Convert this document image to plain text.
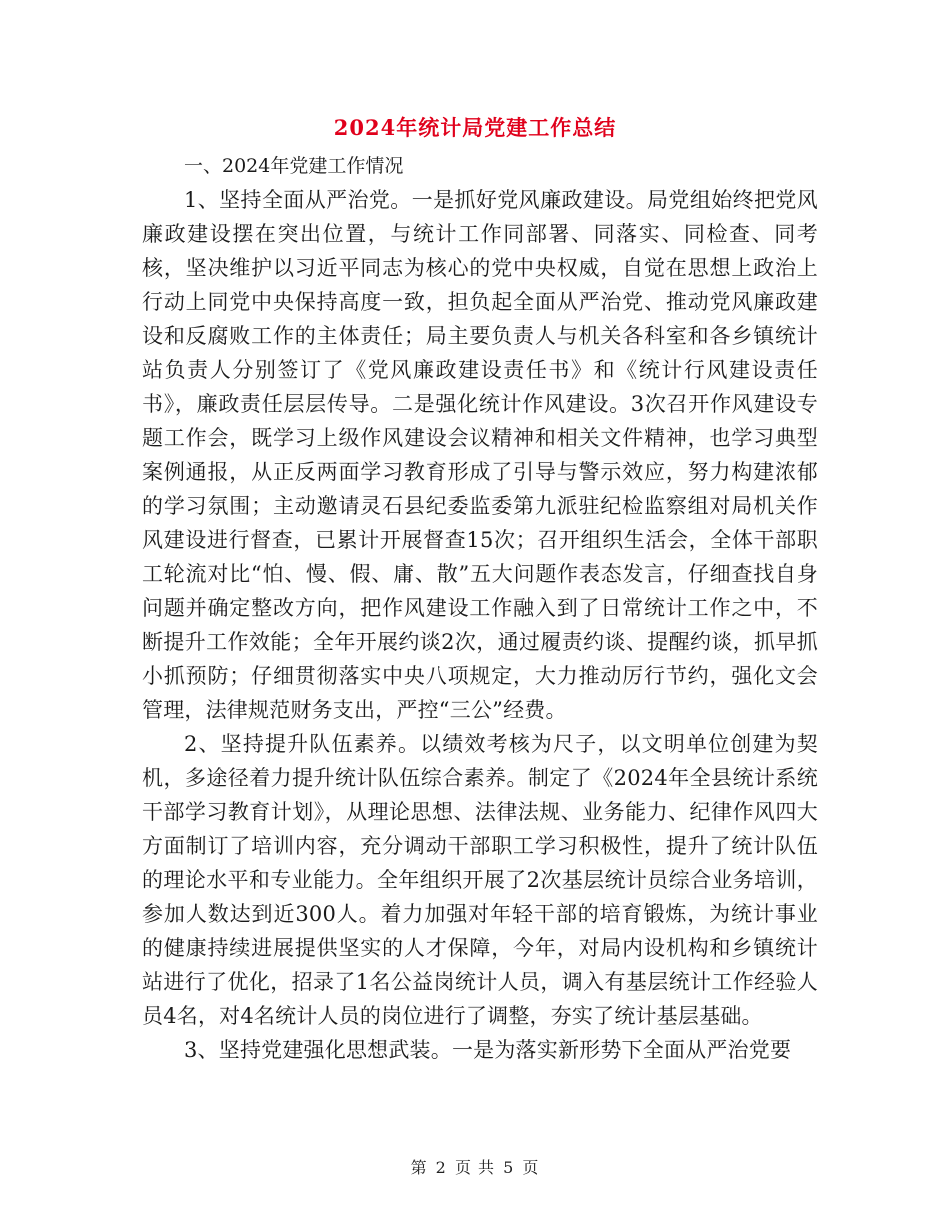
2024年统计局党建工作总结

一、2024年党建工作情况

1、坚持全面从严治党。一是抓好党风廉政建设。局党组始终把党风廉政建设摆在突出位置，与统计工作同部署、同落实、同检查、同考核，坚决维护以习近平同志为核心的党中央权威，自觉在思想上政治上行动上同党中央保持高度一致，担负起全面从严治党、推动党风廉政建设和反腐败工作的主体责任；局主要负责人与机关各科室和各乡镇统计站负责人分别签订了《党风廉政建设责任书》和《统计行风建设责任书》，廉政责任层层传导。二是强化统计作风建设。3次召开作风建设专题工作会，既学习上级作风建设会议精神和相关文件精神，也学习典型案例通报，从正反两面学习教育形成了引导与警示效应，努力构建浓郁的学习氛围；主动邀请灵石县纪委监委第九派驻纪检监察组对局机关作风建设进行督查，已累计开展督查15次；召开组织生活会，全体干部职工轮流对比“怕、慢、假、庸、散”五大问题作表态发言，仔细查找自身问题并确定整改方向，把作风建设工作融入到了日常统计工作之中，不断提升工作效能；全年开展约谈2次，通过履责约谈、提醒约谈，抓早抓小抓预防；仔细贯彻落实中央八项规定，大力推动厉行节约，强化文会管理，法律规范财务支出，严控“三公”经费。

2、坚持提升队伍素养。以绩效考核为尺子，以文明单位创建为契机，多途径着力提升统计队伍综合素养。制定了《2024年全县统计系统干部学习教育计划》，从理论思想、法律法规、业务能力、纪律作风四大方面制订了培训内容，充分调动干部职工学习积极性，提升了统计队伍的理论水平和专业能力。全年组织开展了2次基层统计员综合业务培训，参加人数达到近300人。着力加强对年轻干部的培育锻炼，为统计事业的健康持续进展提供坚实的人才保障，今年，对局内设机构和乡镇统计站进行了优化，招录了1名公益岗统计人员，调入有基层统计工作经验人员4名，对4名统计人员的岗位进行了调整，夯实了统计基层基础。

3、坚持党建强化思想武装。一是为落实新形势下全面从严治党要

第 2 页 共 5 页
